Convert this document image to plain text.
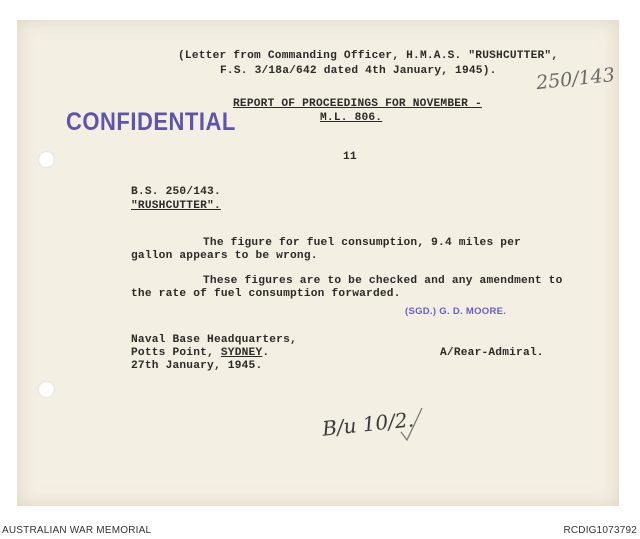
250/143
(Letter from Commanding Officer, H.M.A.S. "RUSHCUTTER",
F.S. 3/18a/642 dated 4th January, 1945).
CONFIDENTIAL
REPORT OF PROCEEDINGS FOR NOVEMBER -
M.L. 806.
11
B.S. 250/143.
"RUSHCUTTER".
The figure for fuel consumption, 9.4 miles per
gallon appears to be wrong.
These figures are to be checked and any amendment to
the rate of fuel consumption forwarded.
(SGD.) G. D. MOORE.
Naval Base Headquarters,
Potts Point, SYDNEY.
27th January, 1945.
A/Rear-Admiral.
B/u 10/2.
AUSTRALIAN WAR MEMORIAL	RCDIG1073792
